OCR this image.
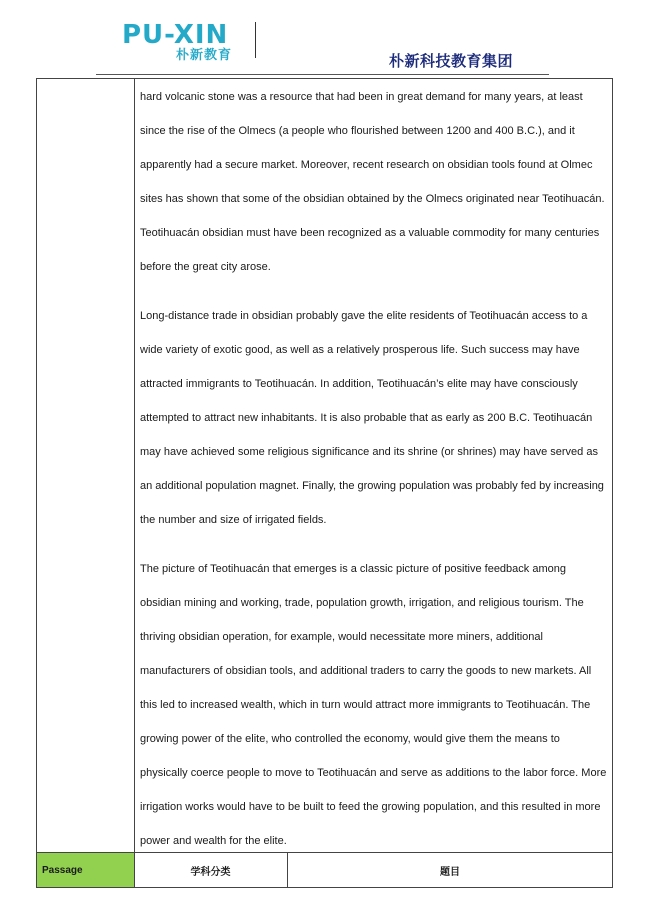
PU-XIN
朴新教育	朴新科技教育集团

hard volcanic stone was a resource that had been in great demand for many years, at least since the rise of the Olmecs (a people who flourished between 1200 and 400 B.C.), and it apparently had a secure market. Moreover, recent research on obsidian tools found at Olmec sites has shown that some of the obsidian obtained by the Olmecs originated near Teotihuacán. Teotihuacán obsidian must have been recognized as a valuable commodity for many centuries before the great city arose.

Long-distance trade in obsidian probably gave the elite residents of Teotihuacán access to a wide variety of exotic good, as well as a relatively prosperous life. Such success may have attracted immigrants to Teotihuacán. In addition, Teotihuacán’s elite may have consciously attempted to attract new inhabitants. It is also probable that as early as 200 B.C. Teotihuacán may have achieved some religious significance and its shrine (or shrines) may have served as an additional population magnet. Finally, the growing population was probably fed by increasing the number and size of irrigated fields.

The picture of Teotihuacán that emerges is a classic picture of positive feedback among obsidian mining and working, trade, population growth, irrigation, and religious tourism. The thriving obsidian operation, for example, would necessitate more miners, additional manufacturers of obsidian tools, and additional traders to carry the goods to new markets. All this led to increased wealth, which in turn would attract more immigrants to Teotihuacán. The growing power of the elite, who controlled the economy, would give them the means to physically coerce people to move to Teotihuacán and serve as additions to the labor force. More irrigation works would have to be built to feed the growing population, and this resulted in more power and wealth for the elite.

Passage	学科分类	题目
